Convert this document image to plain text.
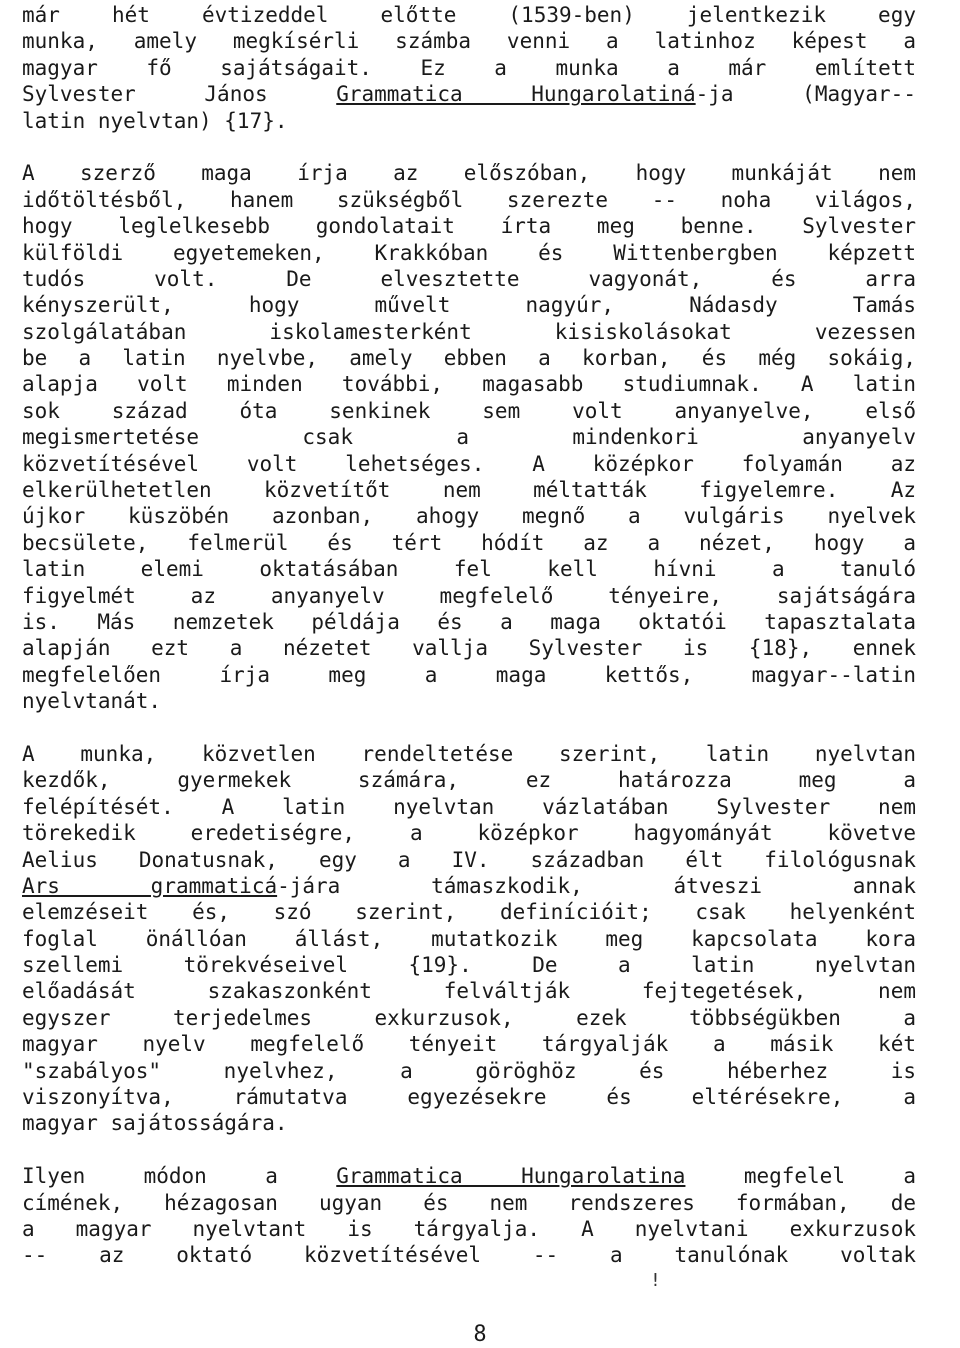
már hét évtizeddel előtte (1539-ben) jelentkezik egy
munka, amely megkísérli számba venni a latinhoz képest a
magyar fő sajátságait. Ez a munka a már említett
Sylvester János Grammatica Hungarolatiná-ja (Magyar--
latin nyelvtan) {17}.
A szerző maga írja az előszóban, hogy munkáját nem
időtöltésből, hanem szükségből szerezte -- noha világos,
hogy leglelkesebb gondolatait írta meg benne. Sylvester
külföldi egyetemeken, Krakkóban és Wittenbergben képzett
tudós volt. De elvesztette vagyonát, és arra
kényszerült, hogy művelt nagyúr, Nádasdy Tamás
szolgálatában iskolamesterként kisiskolásokat vezessen
be a latin nyelvbe, amely ebben a korban, és még sokáig,
alapja volt minden további, magasabb studiumnak. A latin
sok század óta senkinek sem volt anyanyelve, első
megismertetése csak a mindenkori anyanyelv
közvetítésével volt lehetséges. A középkor folyamán az
elkerülhetetlen közvetítőt nem méltatták figyelemre. Az
újkor küszöbén azonban, ahogy megnő a vulgáris nyelvek
becsülete, felmerül és tért hódít az a nézet, hogy a
latin elemi oktatásában fel kell hívni a tanuló
figyelmét az anyanyelv megfelelő tényeire, sajátságára
is. Más nemzetek példája és a maga oktatói tapasztalata
alapján ezt a nézetet vallja Sylvester is {18}, ennek
megfelelően írja meg a maga kettős, magyar--latin
nyelvtanát.
A munka, közvetlen rendeltetése szerint, latin nyelvtan
kezdők, gyermekek számára, ez határozza meg a
felépítését. A latin nyelvtan vázlatában Sylvester nem
törekedik eredetiségre, a középkor hagyományát követve
Aelius Donatusnak, egy a IV. században élt filológusnak
Ars grammaticá-jára támaszkodik, átveszi annak
elemzéseit és, szó szerint, definícióit; csak helyenként
foglal önállóan állást, mutatkozik meg kapcsolata kora
szellemi törekvéseivel {19}. De a latin nyelvtan
előadását szakaszonként felváltják fejtegetések, nem
egyszer terjedelmes exkurzusok, ezek többségükben a
magyar nyelv megfelelő tényeit tárgyalják a másik két
"szabályos" nyelvhez, a göröghöz és héberhez is
viszonyítva, rámutatva egyezésekre és eltérésekre, a
magyar sajátosságára.
Ilyen módon a Grammatica Hungarolatina megfelel a
címének, hézagosan ugyan és nem rendszeres formában, de
a magyar nyelvtant is tárgyalja. A nyelvtani exkurzusok
-- az oktató közvetítésével -- a tanulónak voltak
!
8
